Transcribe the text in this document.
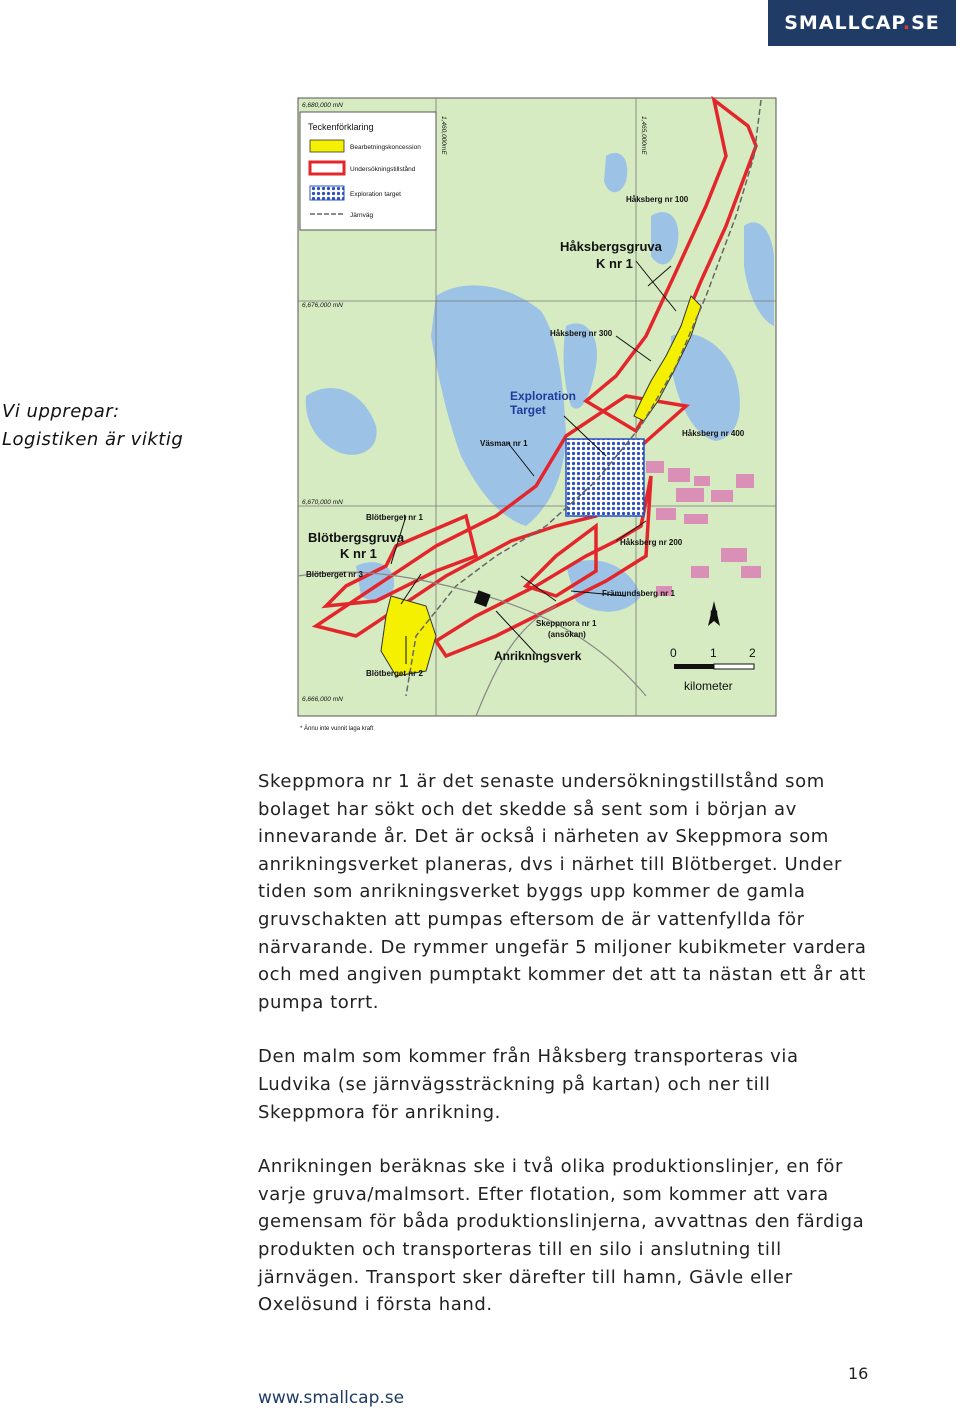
SMALLCAP.SE
Vi upprepar:
Logistiken är viktig
Teckenförklaring
Bearbetningskoncession
Undersökningstillstånd
Exploration target
Järnväg
6,680,000 mN
6,676,000 mN
6,670,000 mN
6,666,000 mN
1,460,000mE	1,465,000mE
Håksberg nr 100
Håksbergsgruva
K nr 1
Håksberg nr 300
Exploration
Target
Väsman nr 1
Håksberg nr 400
Blötberget nr 1
Blötbergsgruva
K nr 1
Blötberget nr 3
Håksberg nr 200
Främundsberg nr 1
Skeppmora nr 1
(ansökan)
Anrikningsverk
Blötberget nr 2
N
0	1	2
kilometer
* Ännu inte vunnit laga kraft

Skeppmora nr 1 är det senaste undersökningstillstånd som bolaget har sökt och det skedde så sent som i början av innevarande år. Det är också i närheten av Skeppmora som anrikningsverket planeras, dvs i närhet till Blötberget. Under tiden som anrikningsverket byggs upp kommer de gamla gruvschakten att pumpas eftersom de är vattenfyllda för närvarande. De rymmer ungefär 5 miljoner kubikmeter vardera och med angiven pumptakt kommer det att ta nästan ett år att pumpa torrt.

Den malm som kommer från Håksberg transporteras via Ludvika (se järnvägssträckning på kartan) och ner till Skeppmora för anrikning.

Anrikningen beräknas ske i två olika produktionslinjer, en för varje gruva/malmsort. Efter flotation, som kommer att vara gemensam för båda produktionslinjerna, avvattnas den färdiga produkten och transporteras till en silo i anslutning till järnvägen. Transport sker därefter till hamn, Gävle eller Oxelösund i första hand.

16
www.smallcap.se
